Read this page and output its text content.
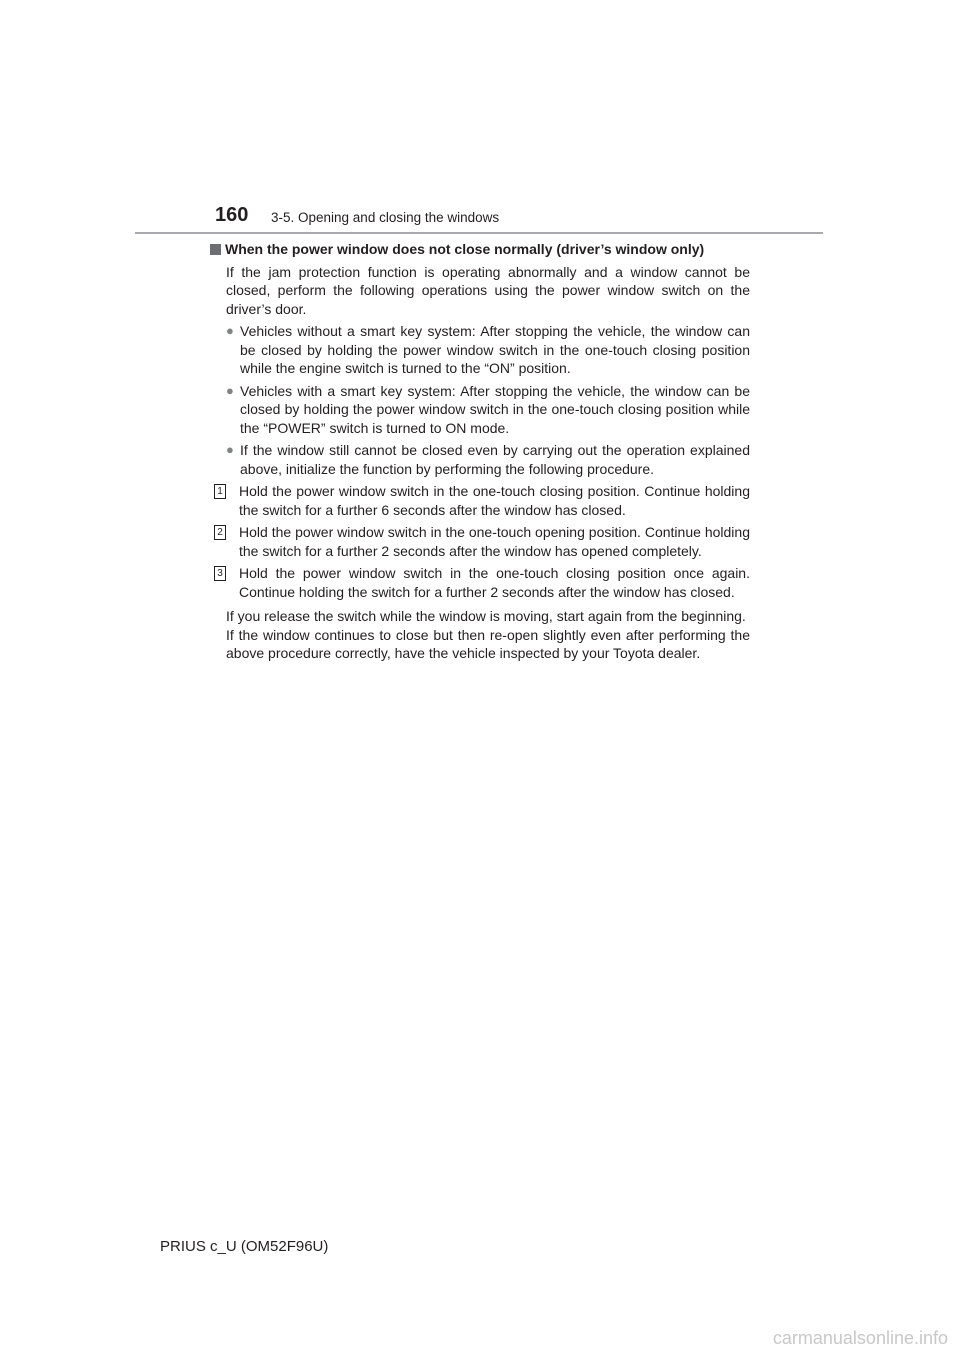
160 3-5. Opening and closing the windows
When the power window does not close normally (driver’s window only)

If the jam protection function is operating abnormally and a window cannot be closed, perform the following operations using the power window switch on the driver’s door.

● Vehicles without a smart key system: After stopping the vehicle, the window can be closed by holding the power window switch in the one-touch closing position while the engine switch is turned to the “ON” position.
● Vehicles with a smart key system: After stopping the vehicle, the window can be closed by holding the power window switch in the one-touch closing position while the “POWER” switch is turned to ON mode.
● If the window still cannot be closed even by carrying out the operation explained above, initialize the function by performing the following procedure.
1 Hold the power window switch in the one-touch closing position. Continue holding the switch for a further 6 seconds after the window has closed.
2 Hold the power window switch in the one-touch opening position. Continue holding the switch for a further 2 seconds after the window has opened completely.
3 Hold the power window switch in the one-touch closing position once again. Continue holding the switch for a further 2 seconds after the window has closed.

If you release the switch while the window is moving, start again from the beginning.

If the window continues to close but then re-open slightly even after performing the above procedure correctly, have the vehicle inspected by your Toyota dealer.

PRIUS c_U (OM52F96U)
carmanualsonline.info
